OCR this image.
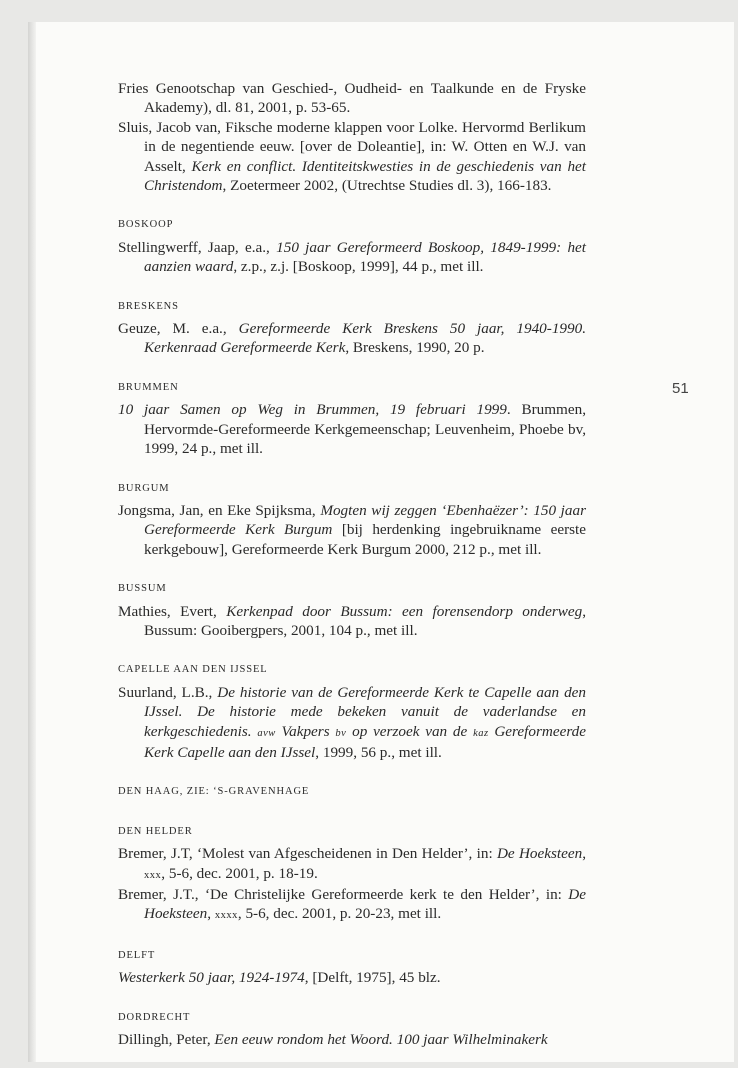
Fries Genootschap van Geschied-, Oudheid- en Taalkunde en de Fryske Akademy), dl. 81, 2001, p. 53-65.

Sluis, Jacob van, Fiksche moderne klappen voor Lolke. Hervormd Berlikum in de negentiende eeuw. [over de Doleantie], in: W. Otten en W.J. van Asselt, Kerk en conflict. Identiteitskwesties in de geschiedenis van het Christendom, Zoetermeer 2002, (Utrechtse Studies dl. 3), 166-183.

BOSKOOP

Stellingwerff, Jaap, e.a., 150 jaar Gereformeerd Boskoop, 1849-1999: het aanzien waard, z.p., z.j. [Boskoop, 1999], 44 p., met ill.

BRESKENS

Geuze, M. e.a., Gereformeerde Kerk Breskens 50 jaar, 1940-1990. Kerkenraad Gereformeerde Kerk, Breskens, 1990, 20 p.

BRUMMEN

10 jaar Samen op Weg in Brummen, 19 februari 1999. Brummen, Hervormde-Gereformeerde Kerkgemeenschap; Leuvenheim, Phoebe bv, 1999, 24 p., met ill.

BURGUM

Jongsma, Jan, en Eke Spijksma, Mogten wij zeggen ‘Ebenhaëzer’: 150 jaar Gereformeerde Kerk Burgum [bij herdenking ingebruikname eerste kerkgebouw], Gereformeerde Kerk Burgum 2000, 212 p., met ill.

BUSSUM

Mathies, Evert, Kerkenpad door Bussum: een forensendorp onderweg, Bussum: Gooibergpers, 2001, 104 p., met ill.

CAPELLE AAN DEN IJSSEL

Suurland, L.B., De historie van de Gereformeerde Kerk te Capelle aan den IJssel. De historie mede bekeken vanuit de vaderlandse en kerkgeschiedenis. avw Vakpers bv op verzoek van de kaz Gereformeerde Kerk Capelle aan den IJssel, 1999, 56 p., met ill.

DEN HAAG, ZIE: ‘S-GRAVENHAGE
DEN HELDER

Bremer, J.T, ‘Molest van Afgescheidenen in Den Helder’, in: De Hoeksteen, xxx, 5-6, dec. 2001, p. 18-19.

Bremer, J.T., ‘De Christelijke Gereformeerde kerk te den Helder’, in: De Hoeksteen, xxxx, 5-6, dec. 2001, p. 20-23, met ill.

DELFT

Westerkerk 50 jaar, 1924-1974, [Delft, 1975], 45 blz.

DORDRECHT

Dillingh, Peter, Een eeuw rondom het Woord. 100 jaar Wilhelminakerk

51
